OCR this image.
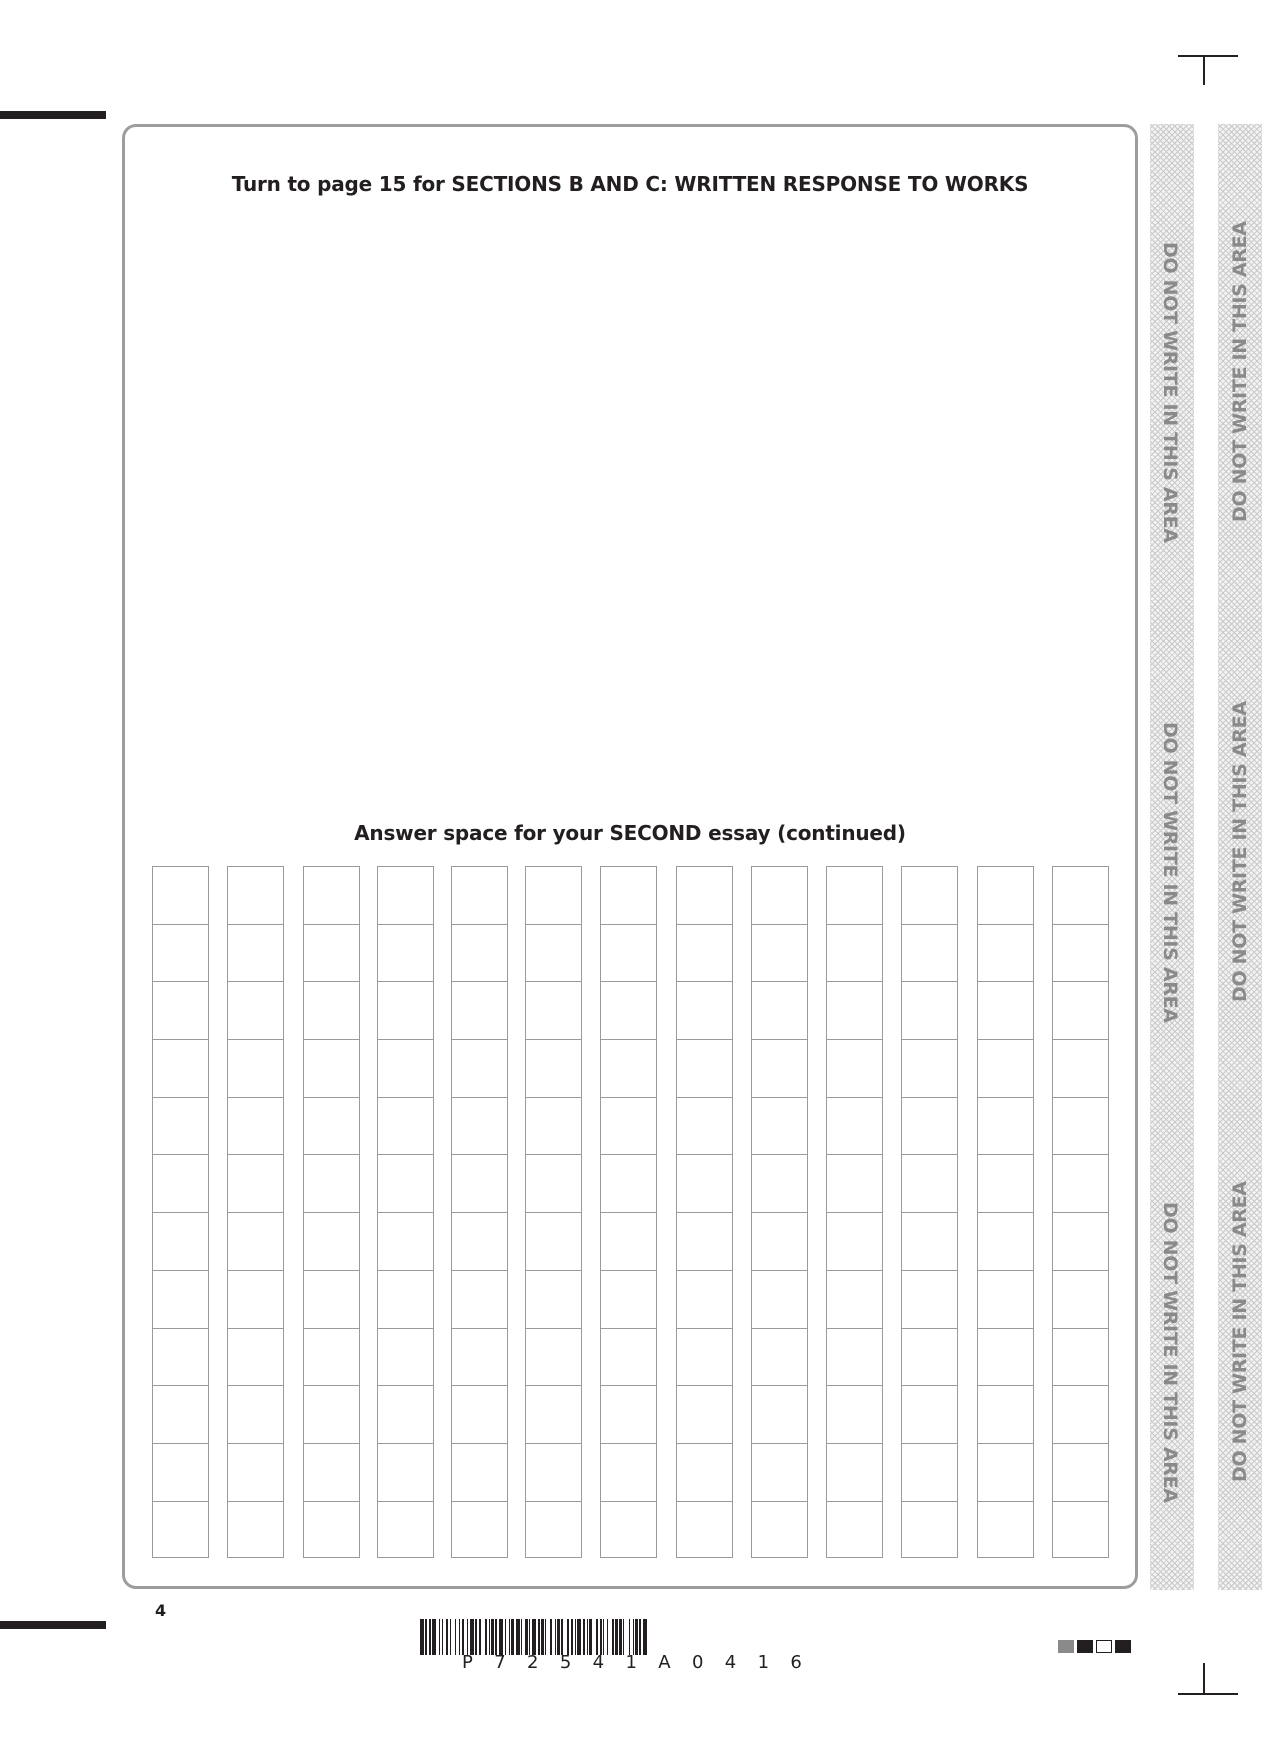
Turn to page 15 for SECTIONS B AND C: WRITTEN RESPONSE TO WORKS
Answer space for your SECOND essay (continued)
DO NOT WRITE IN THIS AREA
DO NOT WRITE IN THIS AREA
DO NOT WRITE IN THIS AREA
DO NOT WRITE IN THIS AREA
DO NOT WRITE IN THIS AREA
DO NOT WRITE IN THIS AREA
4
P 7 2 5 4 1 A 0 4 1 6
